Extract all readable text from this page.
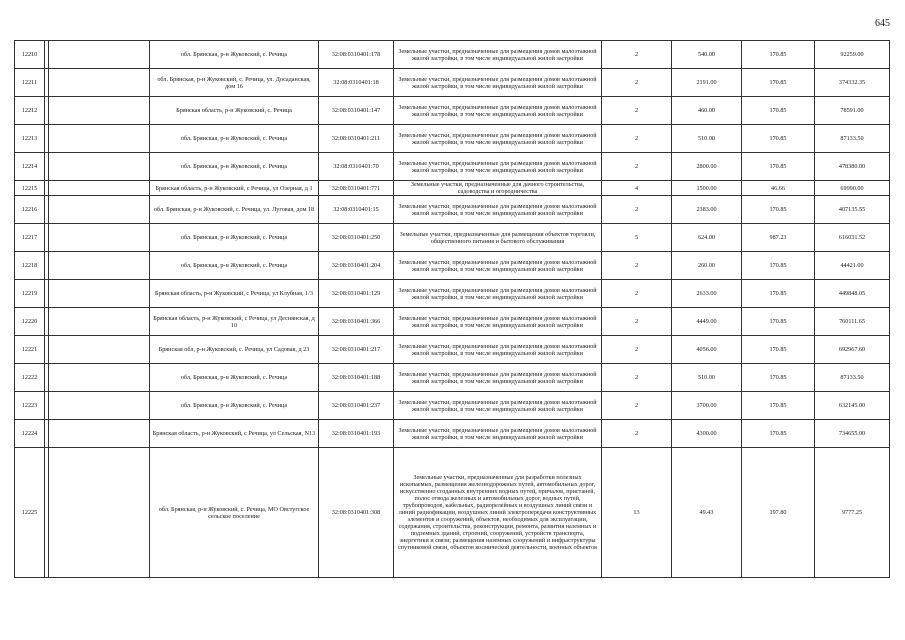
645
12210			обл. Брянская, р-н Жуковский, с. Речица	32:08:0310401:178	Земельные участки, предназначенные для размещения домов малоэтажной жилой застройки, в том числе индивидуальной жилой застройки	2	540.00	170.85	92259.00
12211			обл. Брянская, р-н Жуковский, с. Речица, ул. Досаданская, дом 16	32:08:0310401:18	Земельные участки, предназначенные для размещения домов малоэтажной жилой застройки, в том числе индивидуальной жилой застройки	2	2191.00	170.85	374332.35
12212			Брянская область, р-н Жуковский, с. Речица	32:08:0310401:147	Земельные участки, предназначенные для размещения домов малоэтажной жилой застройки, в том числе индивидуальной жилой застройки	2	460.00	170.85	78591.00
12213			обл. Брянская, р-н Жуковский, с. Речица	32:08:0310401:211	Земельные участки, предназначенные для размещения домов малоэтажной жилой застройки, в том числе индивидуальной жилой застройки	2	510.00	170.85	87133.50
12214			обл. Брянская, р-н Жуковский, с. Речица	32:08:0310401:70	Земельные участки, предназначенные для размещения домов малоэтажной жилой застройки, в том числе индивидуальной жилой застройки	2	2800.00	170.85	478380.00
12215			Брянская область, р-н Жуковский, с Речица, ул Озерная, д 1	32:08:0310401:771	Земельные участки, предназначенные для дачного строительства, садоводства и огородничества	4	1500.00	46.66	69990.00
12216			обл. Брянская, р-н Жуковский, с. Речица, ул. Луговая, дом 18	32:08:0310401:15	Земельные участки, предназначенные для размещения домов малоэтажной жилой застройки, в том числе индивидуальной жилой застройки	2	2383.00	170.85	407135.55
12217			обл. Брянская, р-н Жуковский, с. Речица	32:08:0310401:250	Земельные участки, предназначенные для размещения объектов торговли, общественного питания и бытового обслуживания	5	624.00	987.23	616031.52
12218			обл. Брянская, р-н Жуковский, с. Речица	32:08:0310401:204	Земельные участки, предназначенные для размещения домов малоэтажной жилой застройки, в том числе индивидуальной жилой застройки	2	260.00	170.85	44421.00
12219			Брянская область, р-н Жуковский, с Речица, ул Клубная, 1/3	32:08:0310401:129	Земельные участки, предназначенные для размещения домов малоэтажной жилой застройки, в том числе индивидуальной жилой застройки	2	2633.00	170.85	449848.05
12220			Брянская область, р-н Жуковский, с Речица, ул Деснянская, д 10	32:08:0310401:366	Земельные участки, предназначенные для размещения домов малоэтажной жилой застройки, в том числе индивидуальной жилой застройки	2	4449.00	170.85	760111.65
12221			Брянская обл, р-н Жуковский, с. Речица, ул Садовая, д 23	32:08:0310401:217	Земельные участки, предназначенные для размещения домов малоэтажной жилой застройки, в том числе индивидуальной жилой застройки	2	4056.00	170.85	692967.60
12222			обл. Брянская, р-н Жуковский, с. Речица	32:08:0310401:188	Земельные участки, предназначенные для размещения домов малоэтажной жилой застройки, в том числе индивидуальной жилой застройки	2	510.00	170.85	87133.50
12223			обл. Брянская, р-н Жуковский, с. Речица	32:08:0310401:237	Земельные участки, предназначенные для размещения домов малоэтажной жилой застройки, в том числе индивидуальной жилой застройки	2	3700.00	170.85	632145.00
12224			Брянская область, р-н Жуковский, с Речица, ул Сельская, N13	32:08:0310401:193	Земельные участки, предназначенные для размещения домов малоэтажной жилой застройки, в том числе индивидуальной жилой застройки	2	4300.00	170.85	734655.00
12225			обл. Брянская, р-н Жуковский, с. Речица, МО Овстугское сельское поселение	32:08:0310401:308	Земельные участки, предназначенные для разработки полезных ископаемых, размещения железнодорожных путей, автомобильных дорог, искусственно созданных внутренних водных путей, причалов, пристаней, полос отвода железных и автомобильных дорог, водных путей, трубопроводов, кабельных, радиорелейных и воздушных линий связи и линий радиофикации, воздушных линий электропередачи конструктивных элементов и сооружений, объектов, необходимых для эксплуатации, содержания, строительства, реконструкции, ремонта, развития наземных и подземных зданий, строений, сооружений, устройств транспорта, энергетики и связи; размещения наземных сооружений и инфраструктуры спутниковой связи, объектов космической деятельности, военных объектов	13	49.43	197.80	9777.25
